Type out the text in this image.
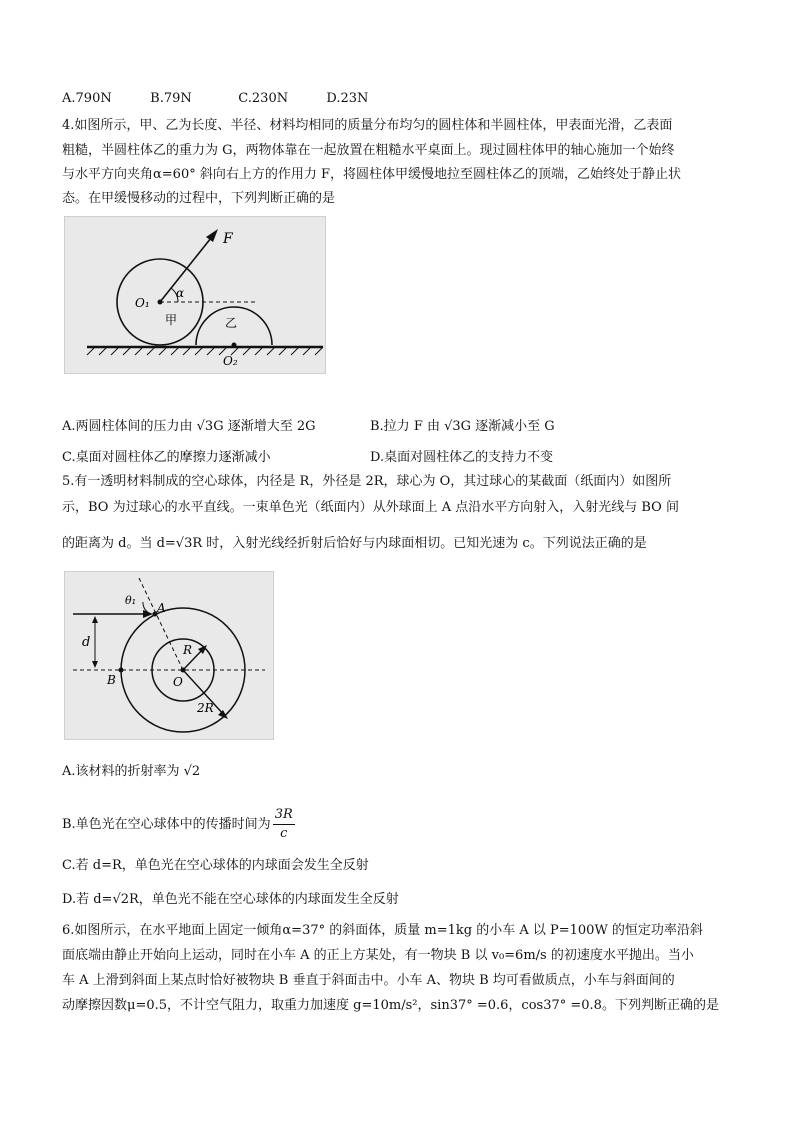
A.790N	B.79N	C.230N	D.23N
4.如图所示，甲、乙为长度、半径、材料均相同的质量分布均匀的圆柱体和半圆柱体，甲表面光滑，乙表面
粗糙，半圆柱体乙的重力为 G，两物体靠在一起放置在粗糙水平桌面上。现过圆柱体甲的轴心施加一个始终
与水平方向夹角α=60° 斜向右上方的作用力 F，将圆柱体甲缓慢地拉至圆柱体乙的顶端，乙始终处于静止状
态。在甲缓慢移动的过程中，下列判断正确的是
F
α
O₁
甲	乙
O₂
A.两圆柱体间的压力由 √3G 逐渐增大至 2G	B.拉力 F 由 √3G 逐渐减小至 G
C.桌面对圆柱体乙的摩擦力逐渐减小	D.桌面对圆柱体乙的支持力不变
5.有一透明材料制成的空心球体，内径是 R，外径是 2R，球心为 O，其过球心的某截面（纸面内）如图所
示，BO 为过球心的水平直线。一束单色光（纸面内）从外球面上 A 点沿水平方向射入，入射光线与 BO 间
的距离为 d。当 d=√3R 时，入射光线经折射后恰好与内球面相切。已知光速为 c。下列说法正确的是
θ₁
A
d	R
B	O
2R
A.该材料的折射率为 √2
B.单色光在空心球体中的传播时间为 $\frac{3R}{c}$
C.若 d=R，单色光在空心球体的内球面会发生全反射
D.若 d=√2R，单色光不能在空心球体的内球面发生全反射
6.如图所示，在水平地面上固定一倾角α=37° 的斜面体，质量 m=1kg 的小车 A 以 P=100W 的恒定功率沿斜
面底端由静止开始向上运动，同时在小车 A 的正上方某处，有一物块 B 以 v₀=6m/s 的初速度水平抛出。当小
车 A 上滑到斜面上某点时恰好被物块 B 垂直于斜面击中。小车 A、物块 B 均可看做质点，小车与斜面间的
动摩擦因数μ=0.5，不计空气阻力，取重力加速度 g=10m/s²，sin37° =0.6，cos37° =0.8。下列判断正确的是
